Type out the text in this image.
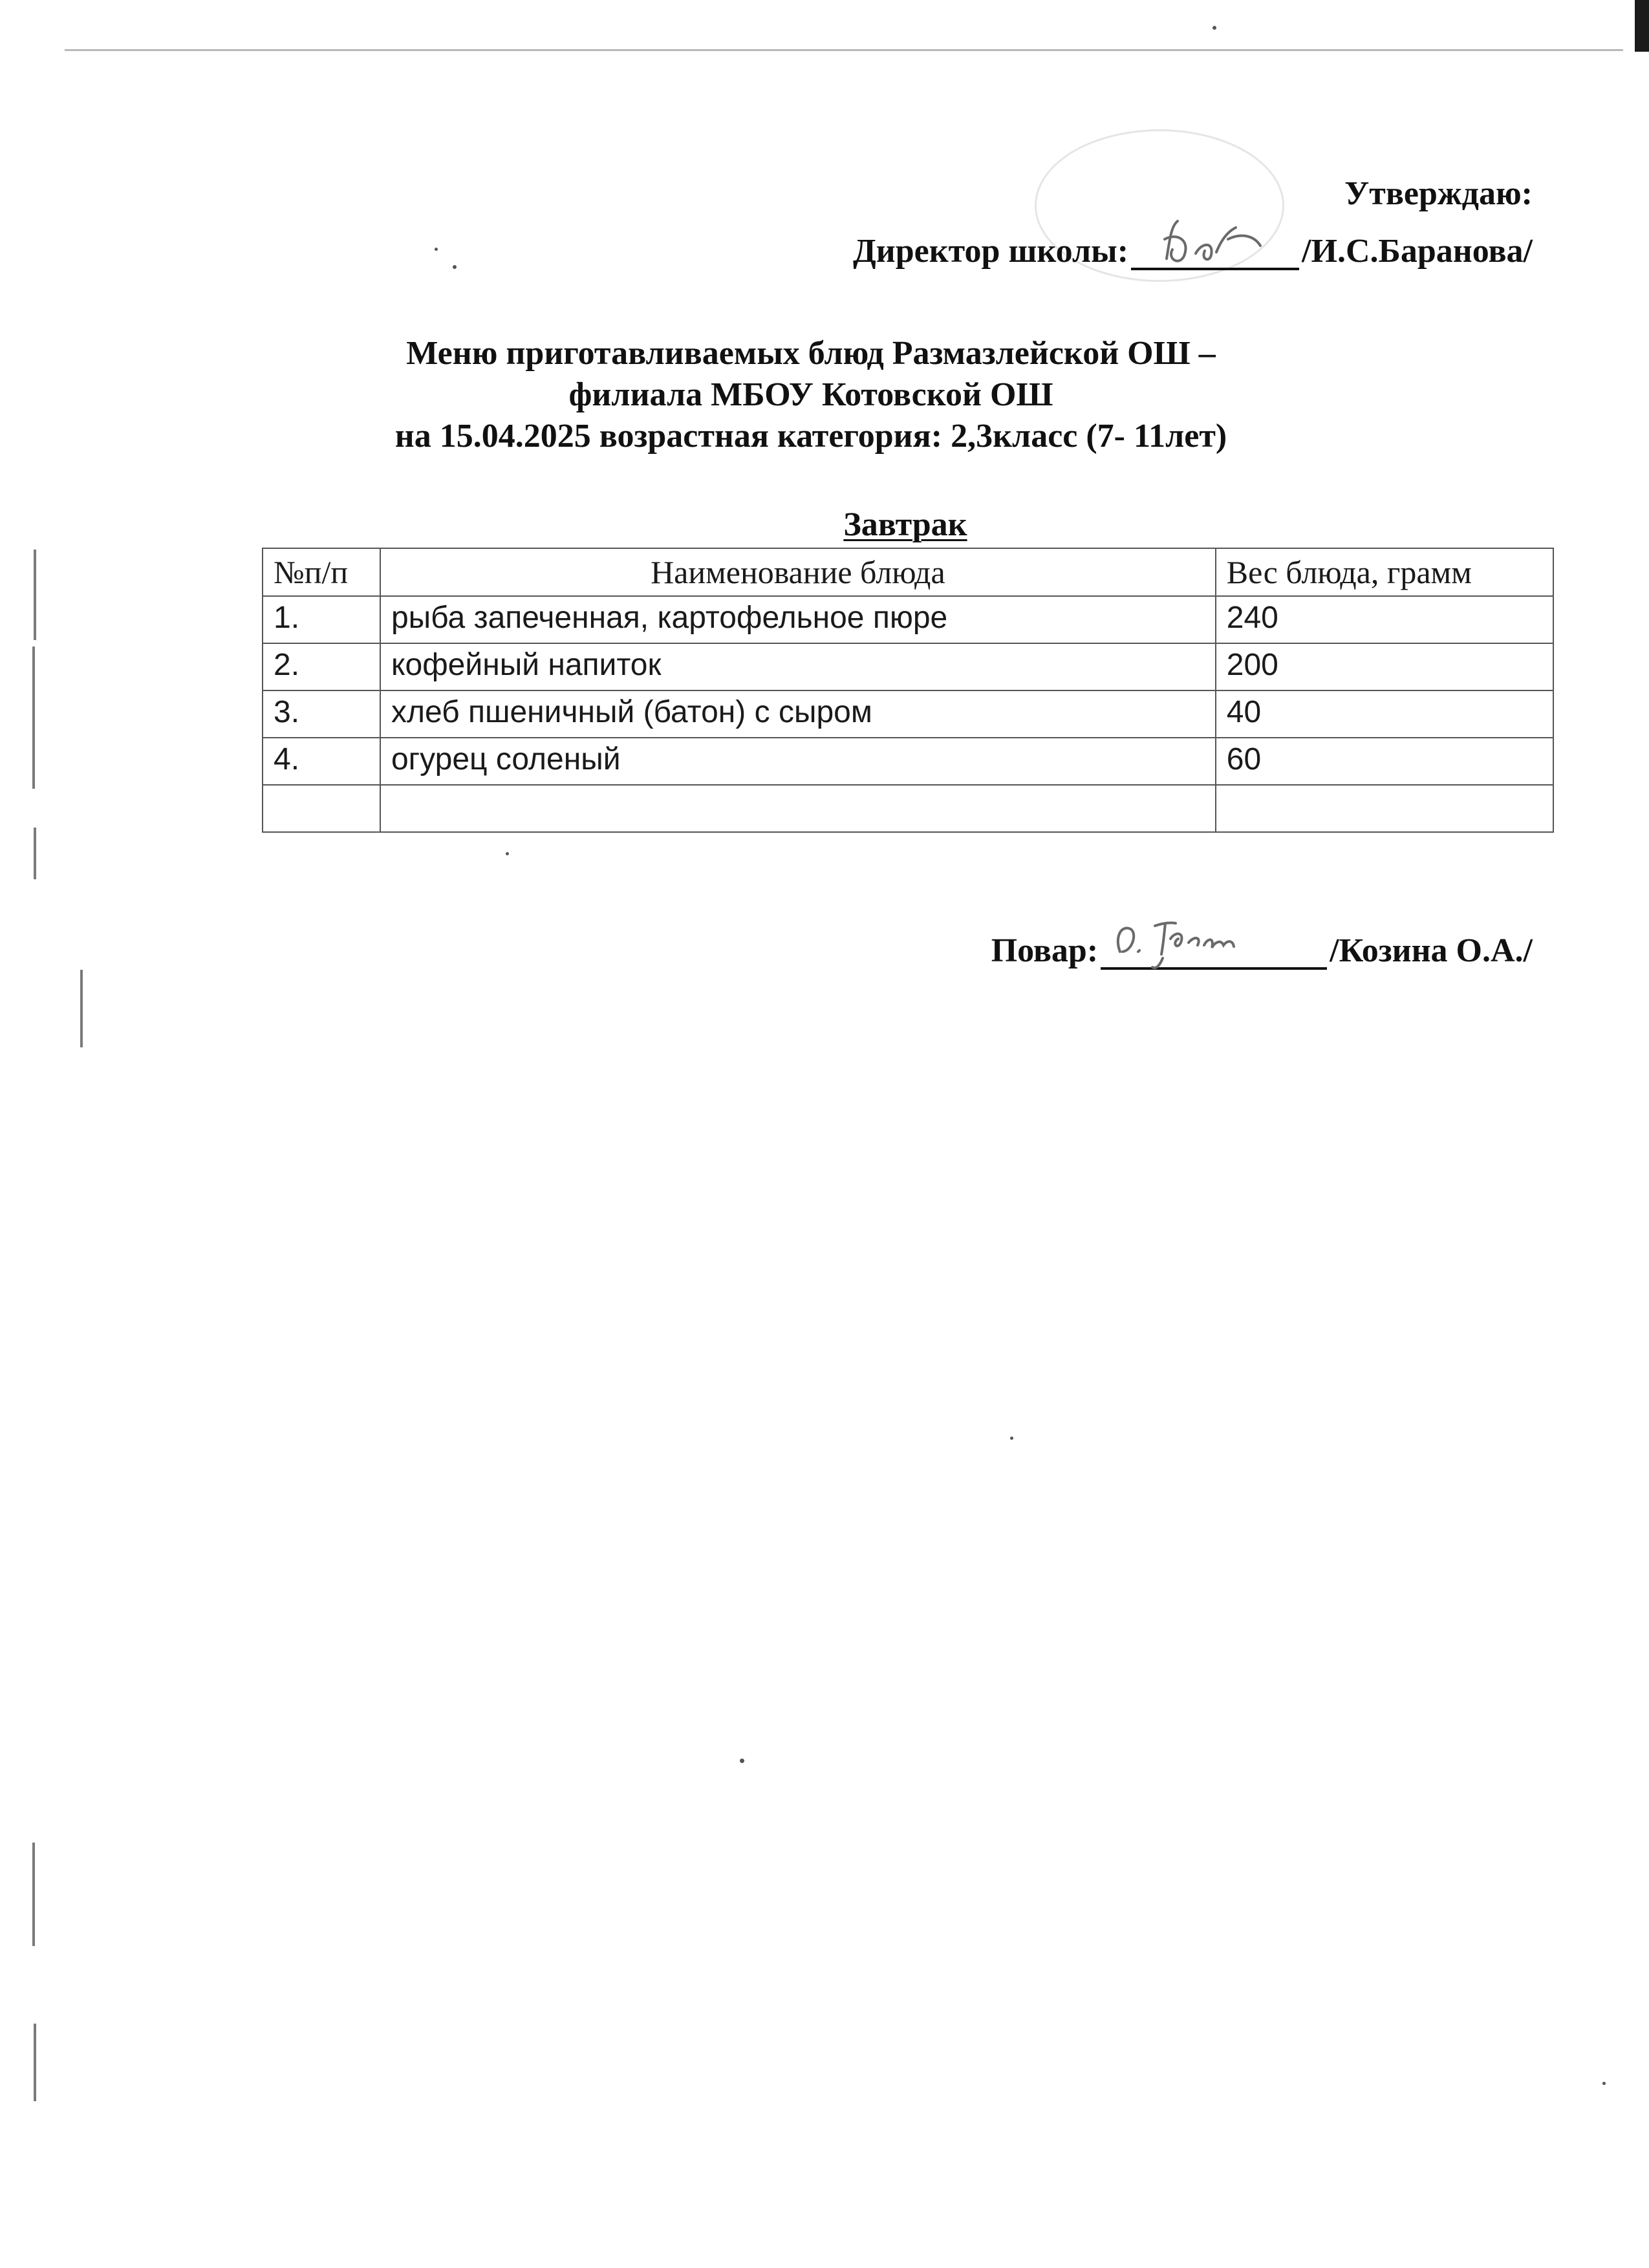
Утверждаю:
Директор школы:	/И.С.Баранова/
Меню приготавливаемых блюд Размазлейской ОШ –
филиала МБОУ Котовской ОШ
на 15.04.2025 возрастная категория: 2,3класс (7- 11лет)
Завтрак
№п/п	Наименование блюда	Вес блюда, грамм
1.	рыба запеченная, картофельное пюре	240
2.	кофейный напиток	200
3.	хлеб пшеничный (батон) с сыром	40
4.	огурец соленый	60

Повар:	/Козина О.А./
